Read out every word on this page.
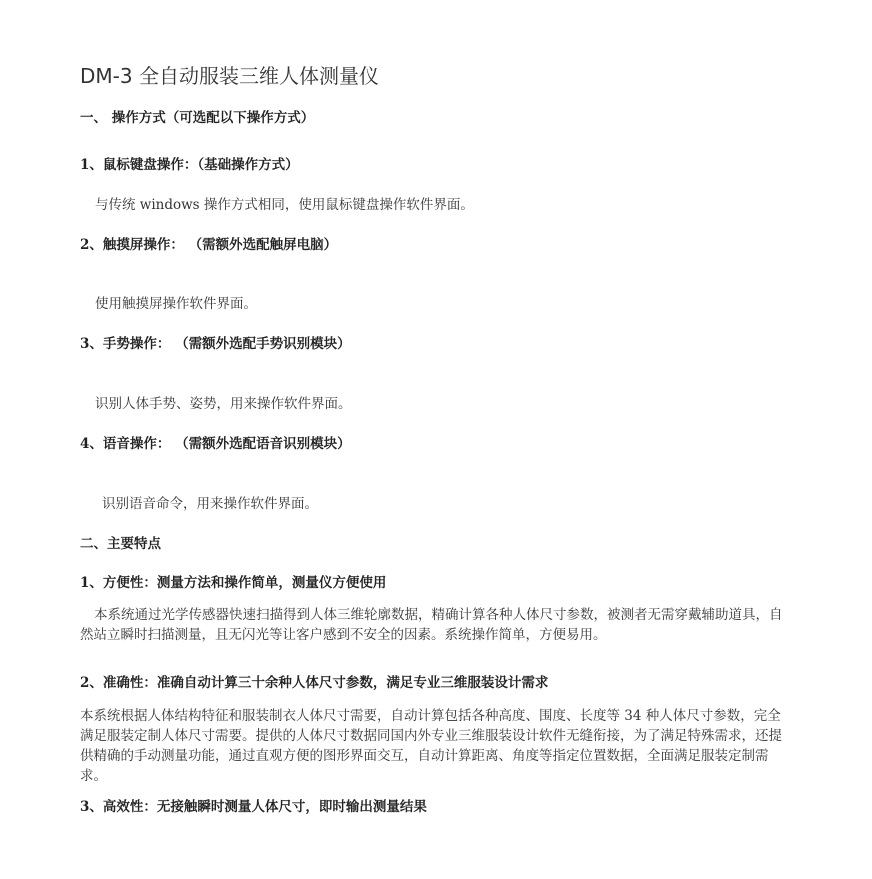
DM-3 全自动服装三维人体测量仪
一、 操作方式（可选配以下操作方式）
1、鼠标键盘操作：（基础操作方式）
与传统 windows 操作方式相同，使用鼠标键盘操作软件界面。
2、触摸屏操作： （需额外选配触屏电脑）
使用触摸屏操作软件界面。
3、手势操作： （需额外选配手势识别模块）
识别人体手势、姿势，用来操作软件界面。
4、语音操作： （需额外选配语音识别模块）
识别语音命令，用来操作软件界面。
二、主要特点
1、方便性：测量方法和操作简单，测量仪方便使用

本系统通过光学传感器快速扫描得到人体三维轮廓数据，精确计算各种人体尺寸参数，被测者无需穿戴辅助道具，自然站立瞬时扫描测量，且无闪光等让客户感到不安全的因素。系统操作简单，方便易用。

2、准确性：准确自动计算三十余种人体尺寸参数，满足专业三维服装设计需求

本系统根据人体结构特征和服装制衣人体尺寸需要，自动计算包括各种高度、围度、长度等 34 种人体尺寸参数，完全满足服装定制人体尺寸需要。提供的人体尺寸数据同国内外专业三维服装设计软件无缝衔接，为了满足特殊需求，还提供精确的手动测量功能，通过直观方便的图形界面交互，自动计算距离、角度等指定位置数据，全面满足服装定制需求。

3、高效性：无接触瞬时测量人体尺寸，即时输出测量结果
